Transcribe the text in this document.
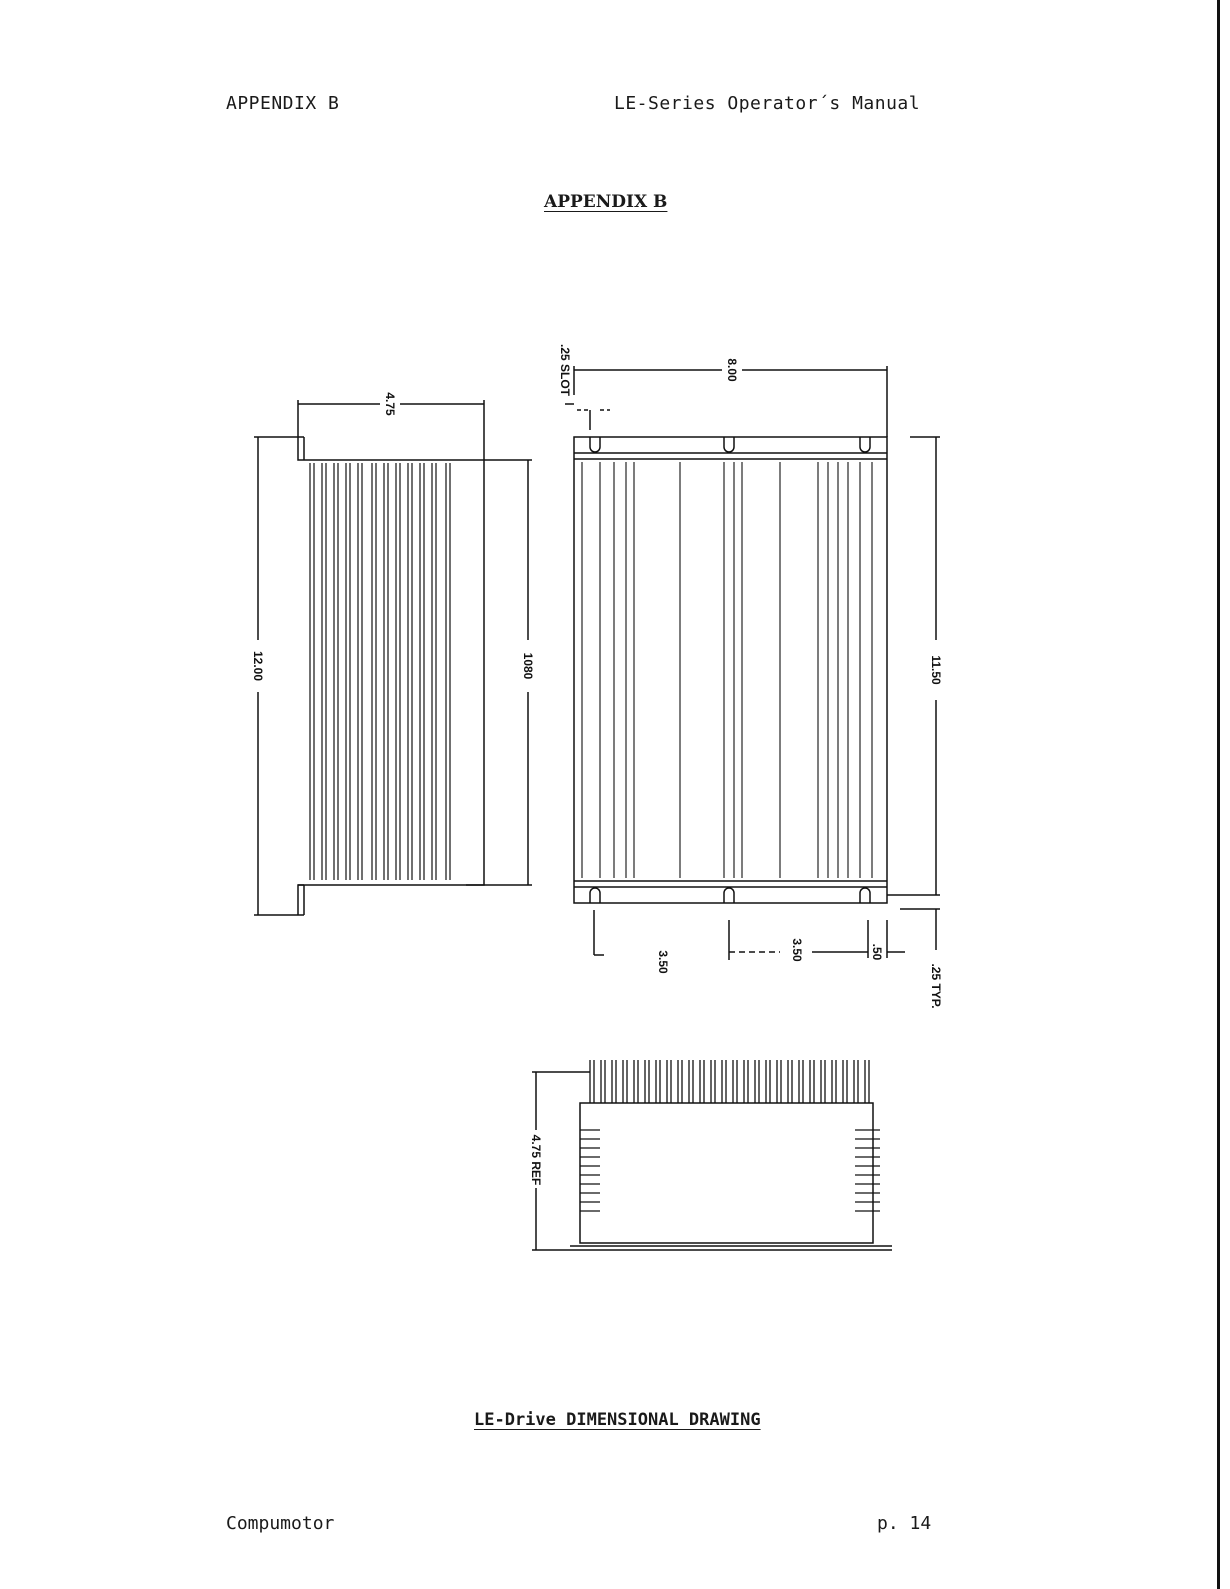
APPENDIX B	LE-Series Operator´s Manual
APPENDIX B
4.75
12.00	1080
.25 SLOT	8.00
11.50
3.50
3.50	.50
.25 TYP.
4.75 REF
LE-Drive DIMENSIONAL DRAWING
Compumotor	p. 14
